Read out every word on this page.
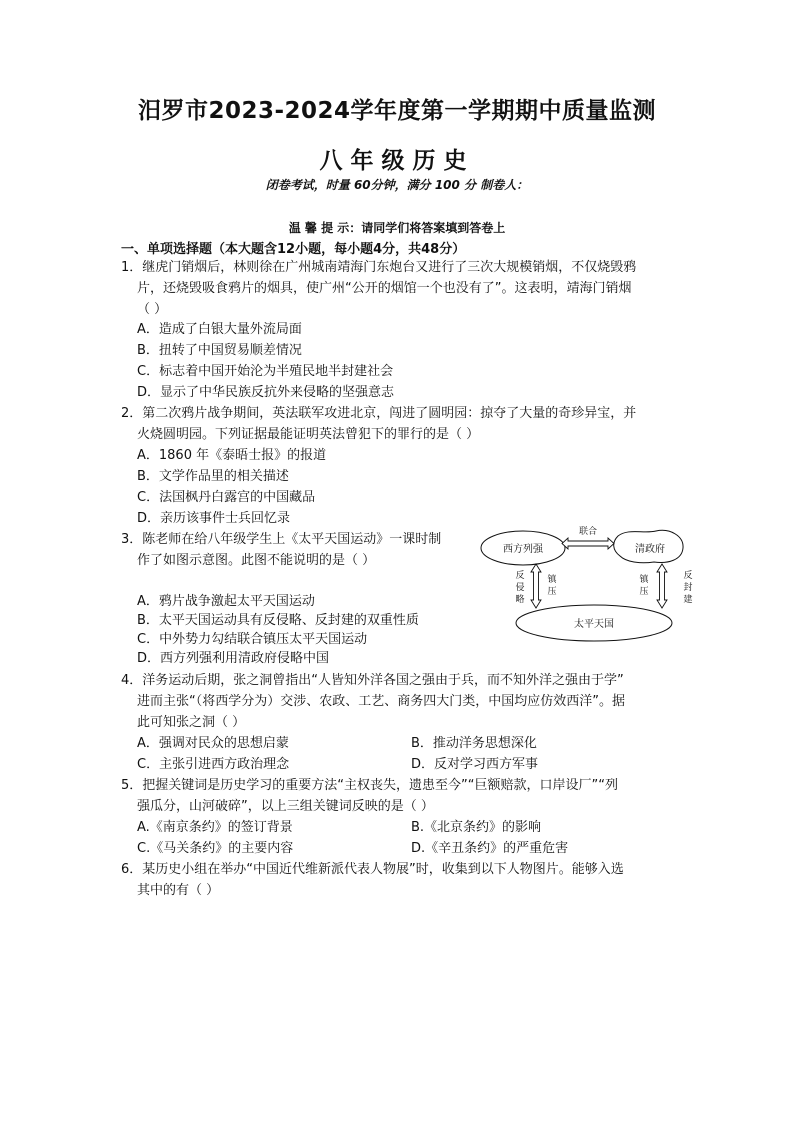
汨罗市2023-2024学年度第一学期期中质量监测
八年级历史
闭卷考试，时量 60分钟，满分 100 分 制卷人：
温 馨 提 示：请同学们将答案填到答卷上
一、单项选择题（本大题含12小题，每小题4分，共48分）
1．继虎门销烟后，林则徐在广州城南靖海门东炮台又进行了三次大规模销烟，不仅烧毁鸦
片，还烧毁吸食鸦片的烟具，使广州“公开的烟馆一个也没有了”。这表明，靖海门销烟
（ ）
A．造成了白银大量外流局面
B．扭转了中国贸易顺差情况
C．标志着中国开始沦为半殖民地半封建社会
D．显示了中华民族反抗外来侵略的坚强意志
2．第二次鸦片战争期间，英法联军攻进北京，闯进了圆明园：掠夺了大量的奇珍异宝，并
火烧圆明园。下列证据最能证明英法曾犯下的罪行的是（ ）
A．1860 年《泰晤士报》的报道
B．文学作品里的相关描述
C．法国枫丹白露宫的中国藏品
D．亲历该事件士兵回忆录
3．陈老师在给八年级学生上《太平天国运动》一课时制
作了如图示意图。此图不能说明的是（ ）
A．鸦片战争激起太平天国运动
B．太平天国运动具有反侵略、反封建的双重性质
C．中外势力勾结联合镇压太平天国运动
D．西方列强利用清政府侵略中国
西方列强	清政府
太平天国
联合
反
侵
略
镇
压
镇
压
反
封
建
4．洋务运动后期，张之洞曾指出“人皆知外洋各国之强由于兵，而不知外洋之强由于学”
进而主张“（将西学分为）交涉、农政、工艺、商务四大门类，中国均应仿效西洋”。据
此可知张之洞（ ）
A．强调对民众的思想启蒙	B．推动洋务思想深化
C．主张引进西方政治理念	D．反对学习西方军事
5．把握关键词是历史学习的重要方法“主权丧失，遗患至今”“巨额赔款，口岸设厂”“列
强瓜分，山河破碎”，以上三组关键词反映的是（ ）
A.《南京条约》的签订背景	B.《北京条约》的影响
C.《马关条约》的主要内容	D.《辛丑条约》的严重危害
6．某历史小组在举办“中国近代维新派代表人物展”时，收集到以下人物图片。能够入选
其中的有（ ）
